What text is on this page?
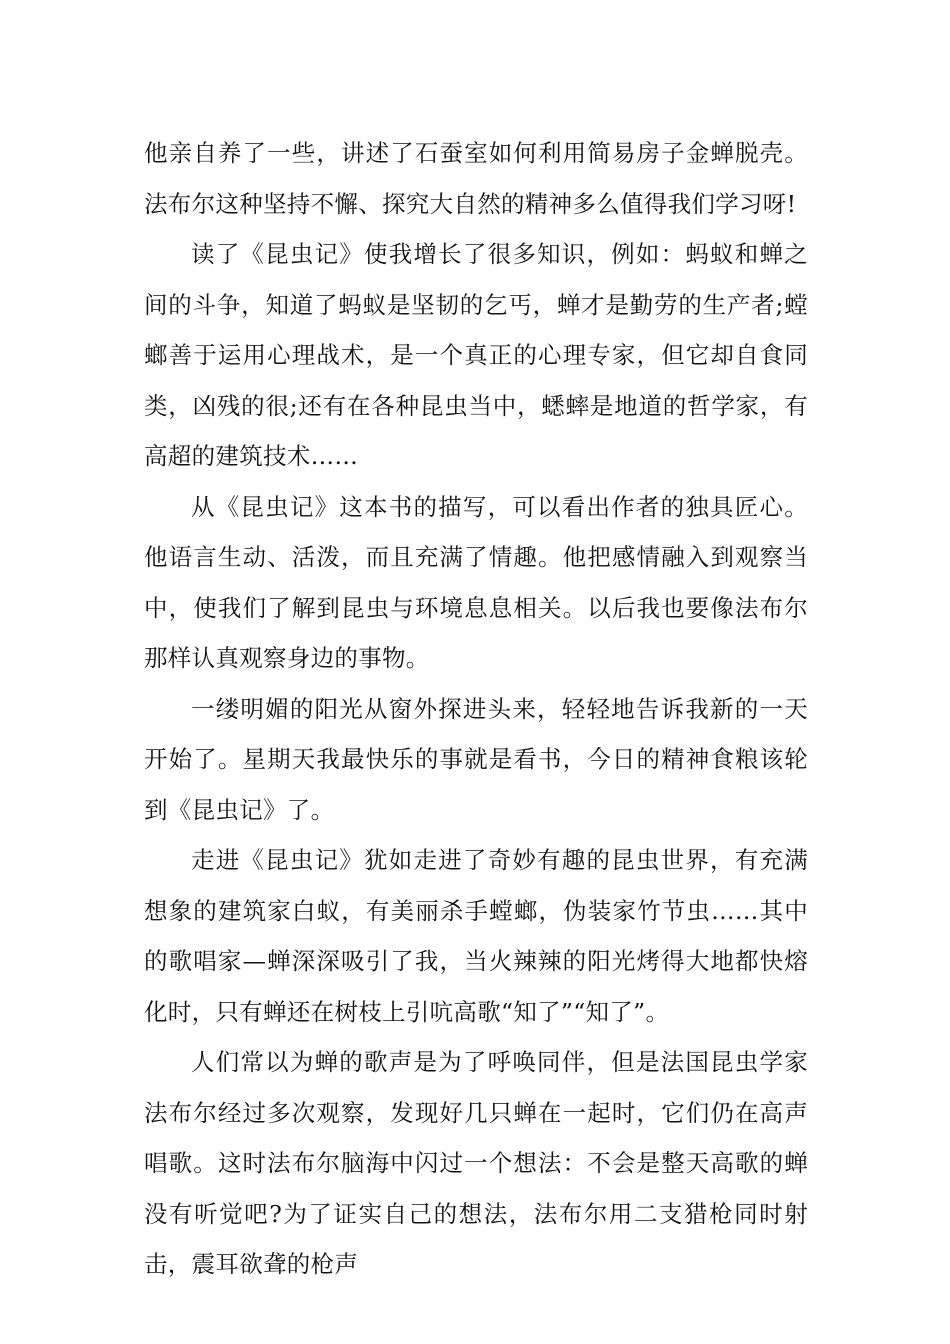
他亲自养了一些，讲述了石蚕室如何利用简易房子金蝉脱壳。法布尔这种坚持不懈、探究大自然的精神多么值得我们学习呀!

读了《昆虫记》使我增长了很多知识，例如：蚂蚁和蝉之间的斗争，知道了蚂蚁是坚韧的乞丐，蝉才是勤劳的生产者;螳螂善于运用心理战术，是一个真正的心理专家，但它却自食同类，凶残的很;还有在各种昆虫当中，蟋蟀是地道的哲学家，有高超的建筑技术……

从《昆虫记》这本书的描写，可以看出作者的独具匠心。他语言生动、活泼，而且充满了情趣。他把感情融入到观察当中，使我们了解到昆虫与环境息息相关。以后我也要像法布尔那样认真观察身边的事物。

一缕明媚的阳光从窗外探进头来，轻轻地告诉我新的一天开始了。星期天我最快乐的事就是看书，今日的精神食粮该轮到《昆虫记》了。

走进《昆虫记》犹如走进了奇妙有趣的昆虫世界，有充满想象的建筑家白蚁，有美丽杀手螳螂，伪装家竹节虫……其中的歌唱家—蝉深深吸引了我，当火辣辣的阳光烤得大地都快熔化时，只有蝉还在树枝上引吭高歌“知了”“知了”。

人们常以为蝉的歌声是为了呼唤同伴，但是法国昆虫学家法布尔经过多次观察，发现好几只蝉在一起时，它们仍在高声唱歌。这时法布尔脑海中闪过一个想法：不会是整天高歌的蝉没有听觉吧?为了证实自己的想法，法布尔用二支猎枪同时射击，震耳欲聋的枪声
